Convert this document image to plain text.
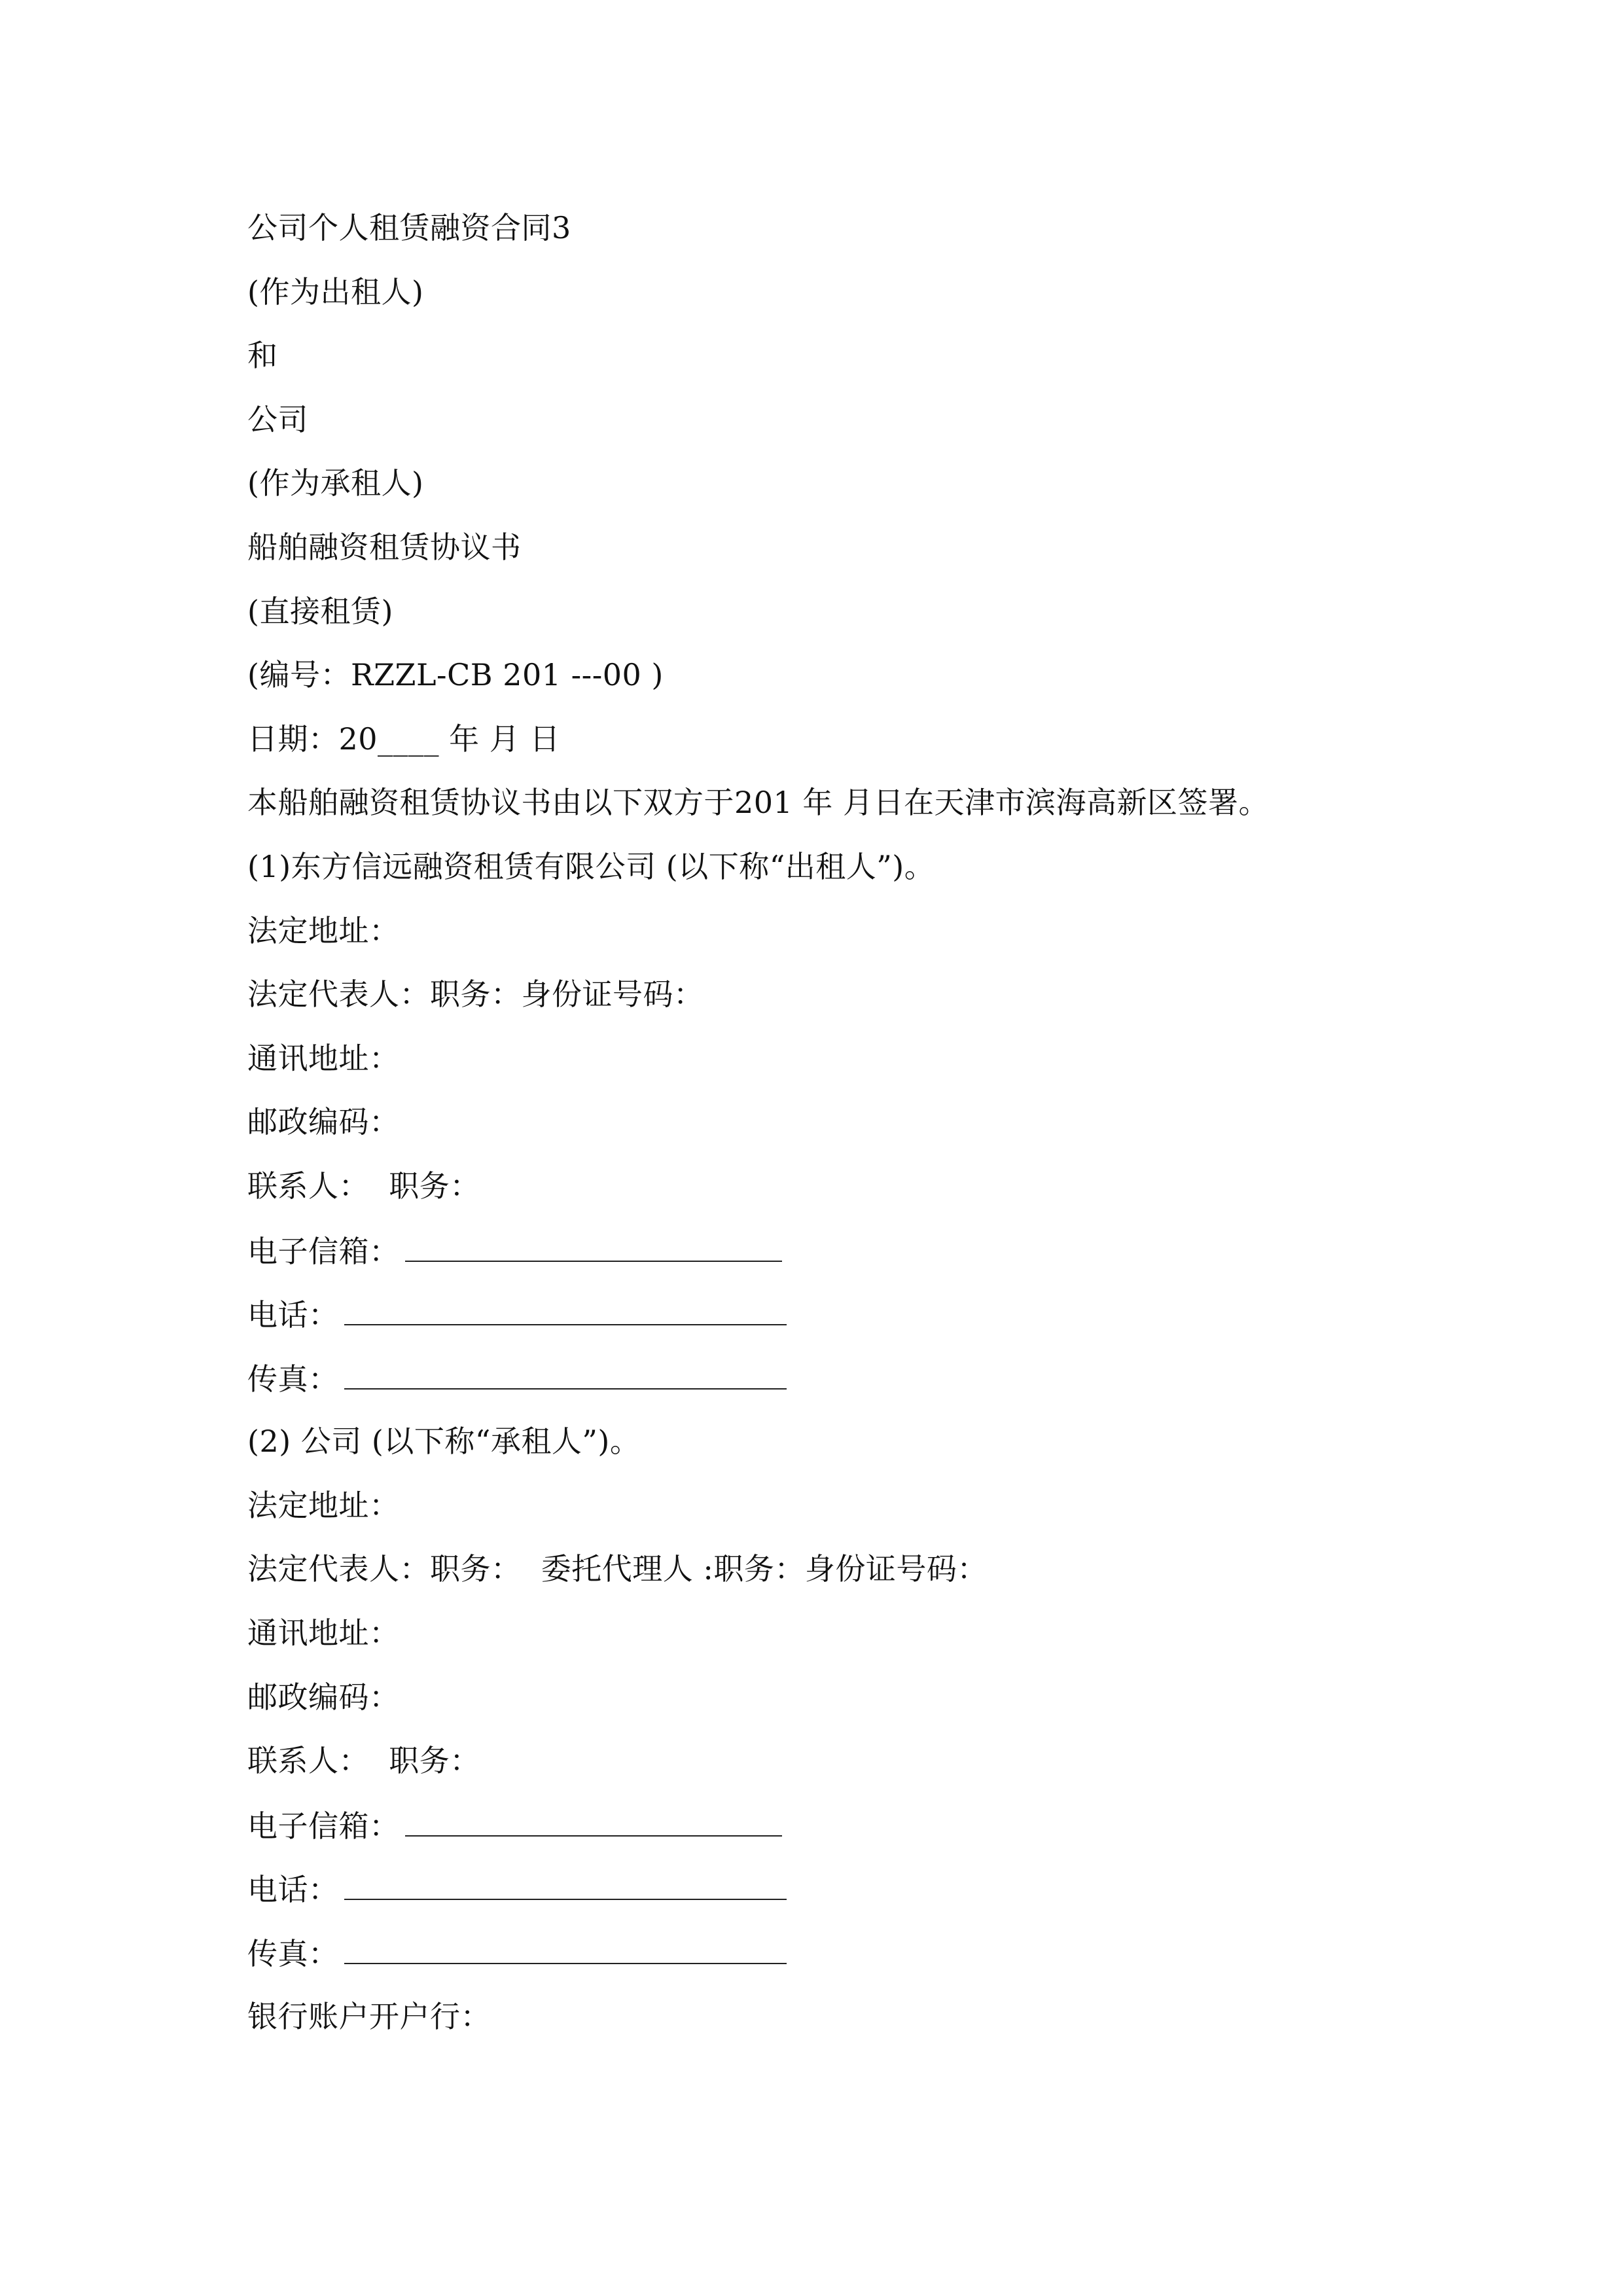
公司个人租赁融资合同3
(作为出租人)
和
公司
(作为承租人)
船舶融资租赁协议书
(直接租赁)
(编号：RZZL-CB 201 ---00 )
日期：20____ 年 月 日
本船舶融资租赁协议书由以下双方于201 年 月日在天津市滨海高新区签署。
(1)东方信远融资租赁有限公司 (以下称“出租人”)。
法定地址：
法定代表人：职务：身份证号码：
通讯地址：
邮政编码：
联系人：  职务：
电子信箱：
电话：
传真：
(2) 公司 (以下称“承租人”)。
法定地址：
法定代表人：职务：  委托代理人 :职务：身份证号码：
通讯地址：
邮政编码：
联系人：  职务：
电子信箱：
电话：
传真：
银行账户开户行：
